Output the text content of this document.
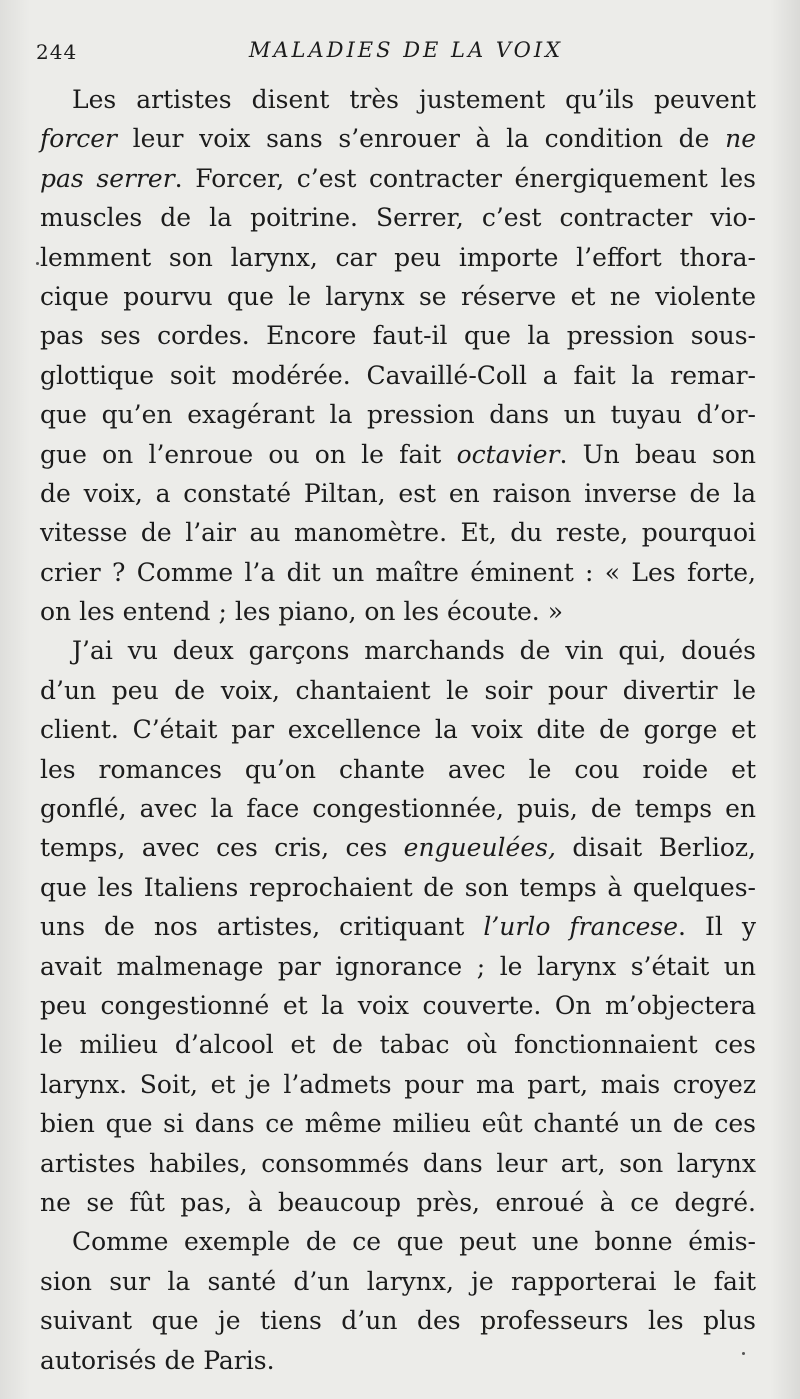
244	MALADIES DE LA VOIX
Les artistes disent très justement qu’ils peuvent
forcer leur voix sans s’enrouer à la condition de ne
pas serrer. Forcer, c’est contracter énergiquement les
muscles de la poitrine. Serrer, c’est contracter vio-
lemment son larynx, car peu importe l’effort thora-
cique pourvu que le larynx se réserve et ne violente
pas ses cordes. Encore faut-il que la pression sous-
glottique soit modérée. Cavaillé-Coll a fait la remar-
que qu’en exagérant la pression dans un tuyau d’or-
gue on l’enroue ou on le fait octavier. Un beau son
de voix, a constaté Piltan, est en raison inverse de la
vitesse de l’air au manomètre. Et, du reste, pourquoi
crier ? Comme l’a dit un maître éminent : « Les forte,
on les entend ; les piano, on les écoute. »
J’ai vu deux garçons marchands de vin qui, doués
d’un peu de voix, chantaient le soir pour divertir le
client. C’était par excellence la voix dite de gorge et
les romances qu’on chante avec le cou roide et
gonflé, avec la face congestionnée, puis, de temps en
temps, avec ces cris, ces engueulées, disait Berlioz,
que les Italiens reprochaient de son temps à quelques-
uns de nos artistes, critiquant l’urlo francese. Il y
avait malmenage par ignorance ; le larynx s’était un
peu congestionné et la voix couverte. On m’objectera
le milieu d’alcool et de tabac où fonctionnaient ces
larynx. Soit, et je l’admets pour ma part, mais croyez
bien que si dans ce même milieu eût chanté un de ces
artistes habiles, consommés dans leur art, son larynx
ne se fût pas, à beaucoup près, enroué à ce degré.
Comme exemple de ce que peut une bonne émis-
sion sur la santé d’un larynx, je rapporterai le fait
suivant que je tiens d’un des professeurs les plus
autorisés de Paris.
